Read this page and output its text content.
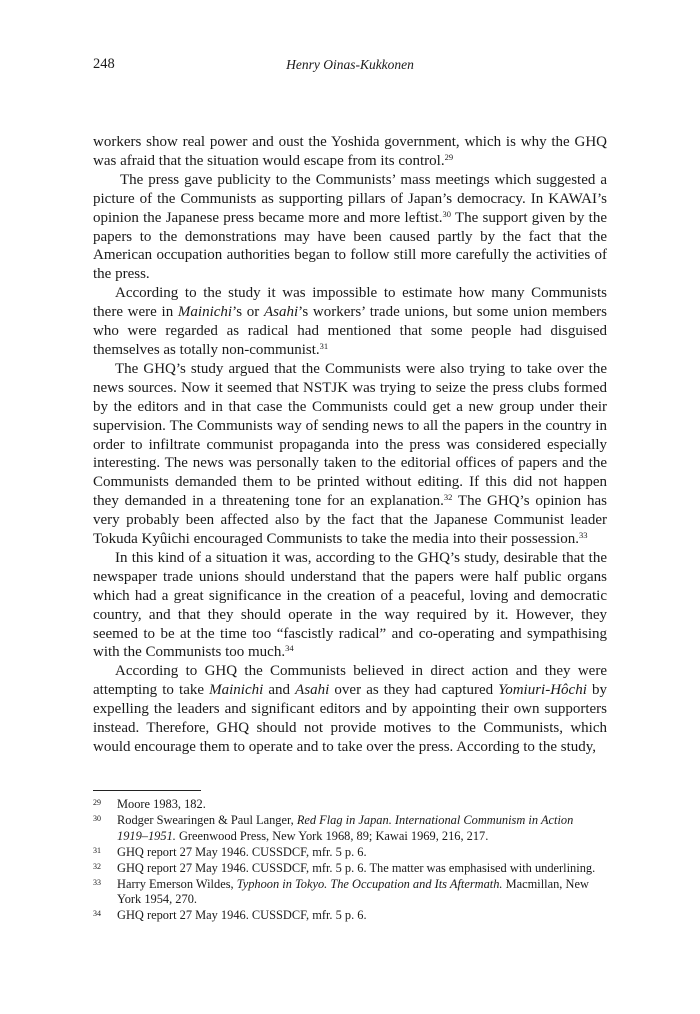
248	Henry Oinas-Kukkonen

workers show real power and oust the Yoshida government, which is why the GHQ was afraid that the situation would escape from its control.$^{29}$

The press gave publicity to the Communists’ mass meetings which suggested a picture of the Communists as supporting pillars of Japan’s democracy. In KAWAI’s opinion the Japanese press became more and more leftist.$^{30}$ The support given by the papers to the demonstrations may have been caused partly by the fact that the American occupation authorities began to follow still more carefully the activities of the press.

According to the study it was impossible to estimate how many Communists there were in Mainichi’s or Asahi’s workers’ trade unions, but some union members who were regarded as radical had mentioned that some people had disguised themselves as totally non-communist.$^{31}$

The GHQ’s study argued that the Communists were also trying to take over the news sources. Now it seemed that NSTJK was trying to seize the press clubs formed by the editors and in that case the Communists could get a new group under their supervision. The Communists way of sending news to all the papers in the country in order to infiltrate communist propaganda into the press was considered especially interesting. The news was personally taken to the editorial offices of papers and the Communists demanded them to be printed without editing. If this did not happen they demanded in a threatening tone for an explanation.$^{32}$ The GHQ’s opinion has very probably been affected also by the fact that the Japanese Communist leader Tokuda Kyûichi encouraged Communists to take the media into their possession.$^{33}$

In this kind of a situation it was, according to the GHQ’s study, desirable that the newspaper trade unions should understand that the papers were half public organs which had a great significance in the creation of a peaceful, loving and democratic country, and that they should operate in the way required by it. However, they seemed to be at the time too “fascistly radical” and co-operating and sympathising with the Communists too much.$^{34}$

According to GHQ the Communists believed in direct action and they were attempting to take Mainichi and Asahi over as they had captured Yomiuri-Hôchi by expelling the leaders and significant editors and by appointing their own supporters instead. Therefore, GHQ should not provide motives to the Communists, which would encourage them to operate and to take over the press. According to the study,

29	Moore 1983, 182.
30	Rodger Swearingen & Paul Langer, Red Flag in Japan. International Communism in Action 1919–1951. Greenwood Press, New York 1968, 89; Kawai 1969, 216, 217.
31	GHQ report 27 May 1946. CUSSDCF, mfr. 5 p. 6.
32	GHQ report 27 May 1946. CUSSDCF, mfr. 5 p. 6. The matter was emphasised with underlining.
33	Harry Emerson Wildes, Typhoon in Tokyo. The Occupation and Its Aftermath. Macmillan, New York 1954, 270.
34	GHQ report 27 May 1946. CUSSDCF, mfr. 5 p. 6.
